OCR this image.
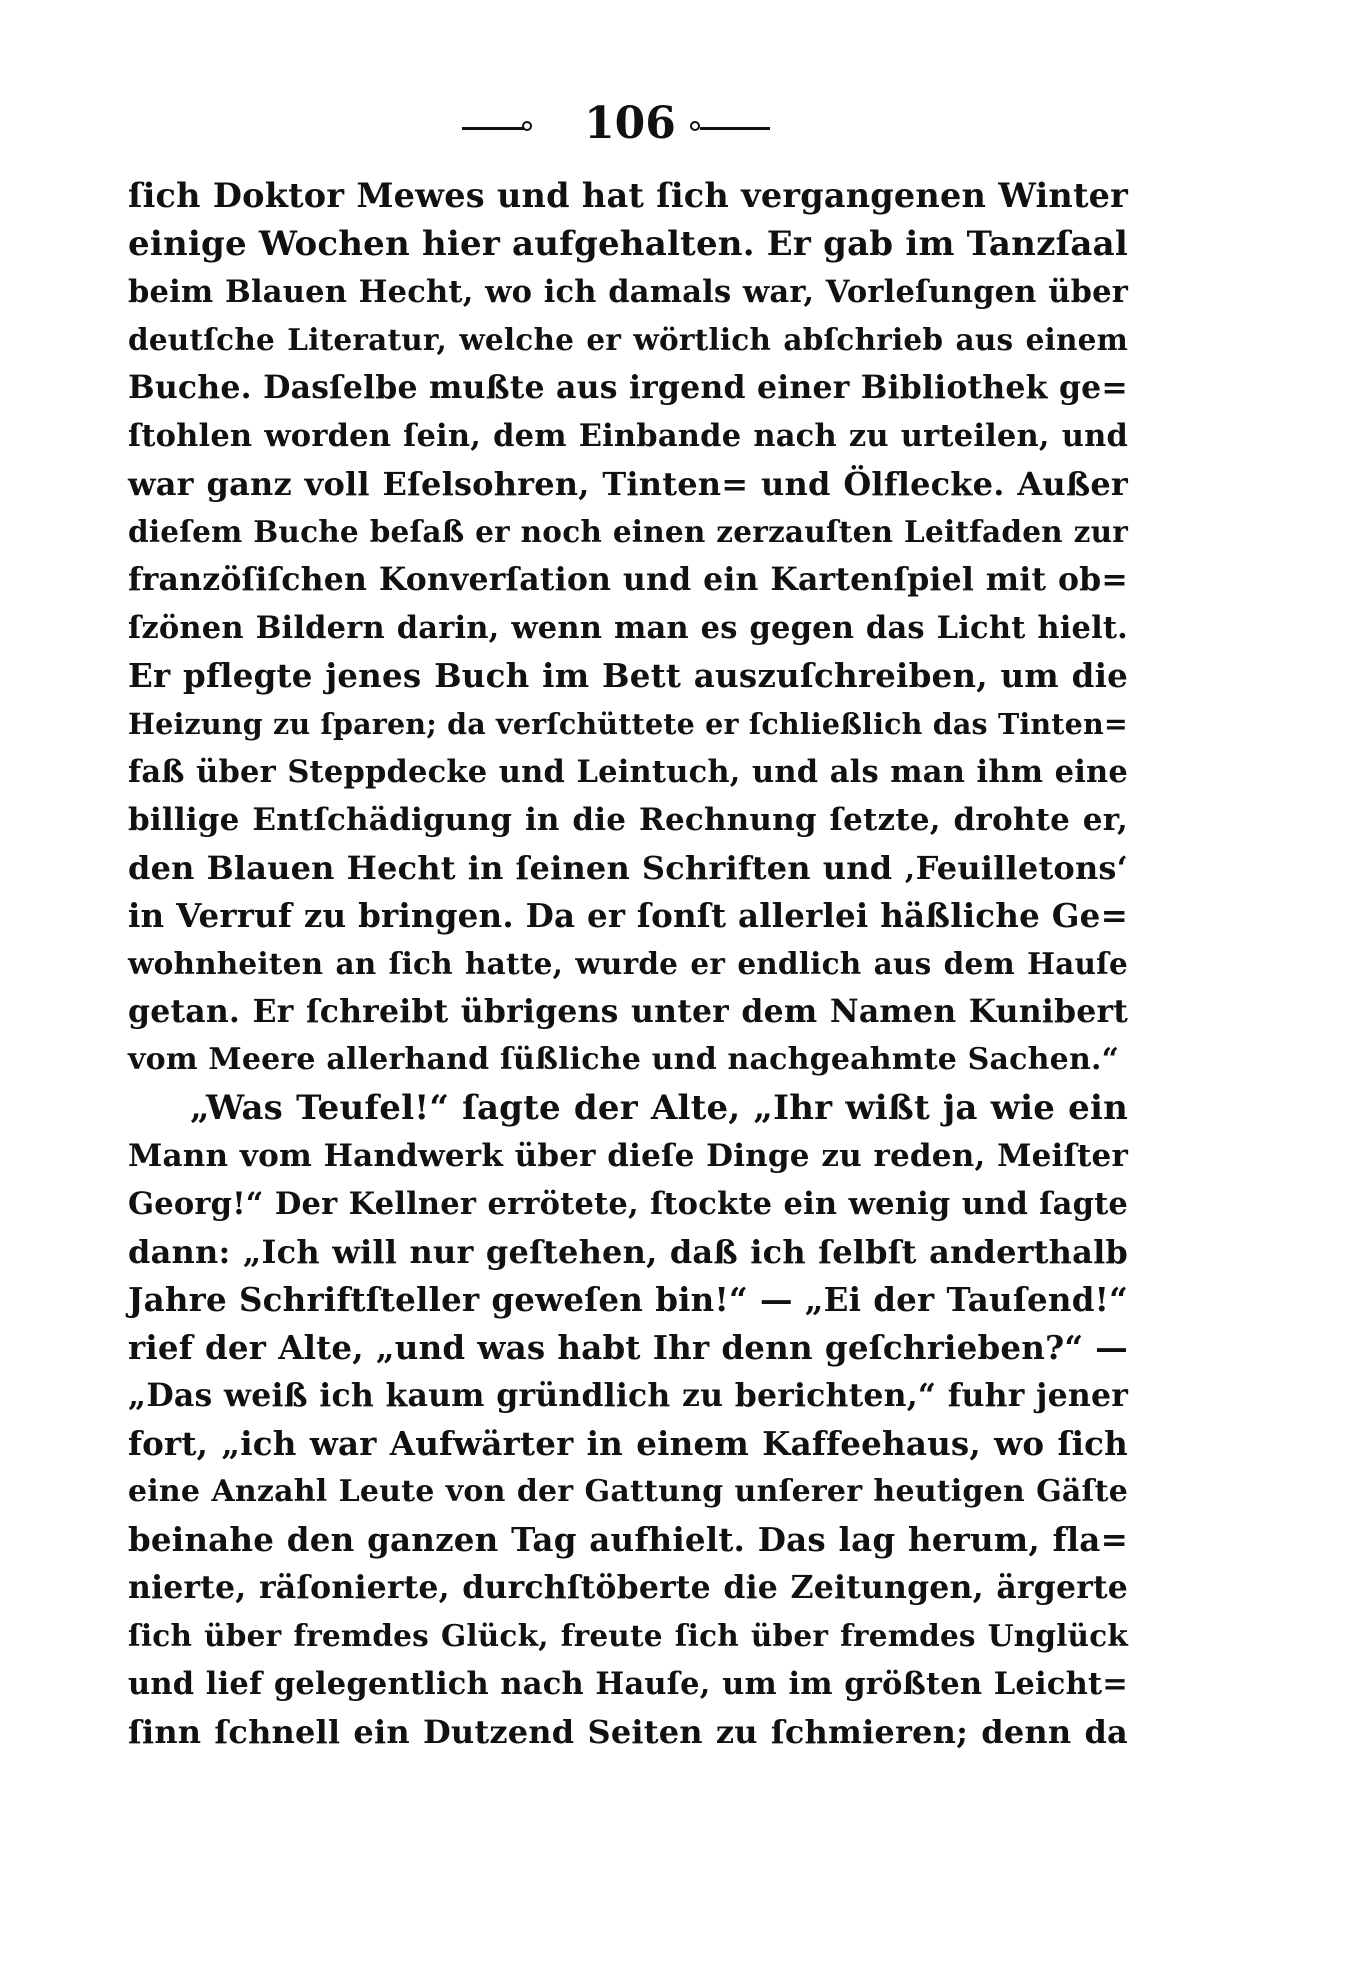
106
ſich Doktor Mewes und hat ſich vergangenen Winter
einige Wochen hier aufgehalten. Er gab im Tanzſaal
beim Blauen Hecht, wo ich damals war, Vorleſungen über
deutſche Literatur, welche er wörtlich abſchrieb aus einem
Buche. Dasſelbe mußte aus irgend einer Bibliothek ge=
ſtohlen worden ſein, dem Einbande nach zu urteilen, und
war ganz voll Eſelsohren, Tinten= und Ölflecke. Außer
dieſem Buche beſaß er noch einen zerzauſten Leitfaden zur
franzöſiſchen Konverſation und ein Kartenſpiel mit ob=
ſzönen Bildern darin, wenn man es gegen das Licht hielt.
Er pflegte jenes Buch im Bett auszuſchreiben, um die
Heizung zu ſparen; da verſchüttete er ſchließlich das Tinten=
faß über Steppdecke und Leintuch, und als man ihm eine
billige Entſchädigung in die Rechnung ſetzte, drohte er,
den Blauen Hecht in ſeinen Schriften und ‚Feuilletons‘
in Verruf zu bringen. Da er ſonſt allerlei häßliche Ge=
wohnheiten an ſich hatte, wurde er endlich aus dem Hauſe
getan. Er ſchreibt übrigens unter dem Namen Kunibert
vom Meere allerhand ſüßliche und nachgeahmte Sachen.“
„Was Teufel!“ ſagte der Alte, „Ihr wißt ja wie ein
Mann vom Handwerk über dieſe Dinge zu reden, Meiſter
Georg!“ Der Kellner errötete, ſtockte ein wenig und ſagte
dann: „Ich will nur geſtehen, daß ich ſelbſt anderthalb
Jahre Schriftſteller geweſen bin!“ — „Ei der Tauſend!“
rief der Alte, „und was habt Ihr denn geſchrieben?“ —
„Das weiß ich kaum gründlich zu berichten,“ fuhr jener
fort, „ich war Aufwärter in einem Kaffeehaus, wo ſich
eine Anzahl Leute von der Gattung unſerer heutigen Gäſte
beinahe den ganzen Tag aufhielt. Das lag herum, fla=
nierte, räſonierte, durchſtöberte die Zeitungen, ärgerte
ſich über fremdes Glück, freute ſich über fremdes Unglück
und lief gelegentlich nach Hauſe, um im größten Leicht=
ſinn ſchnell ein Dutzend Seiten zu ſchmieren; denn da
